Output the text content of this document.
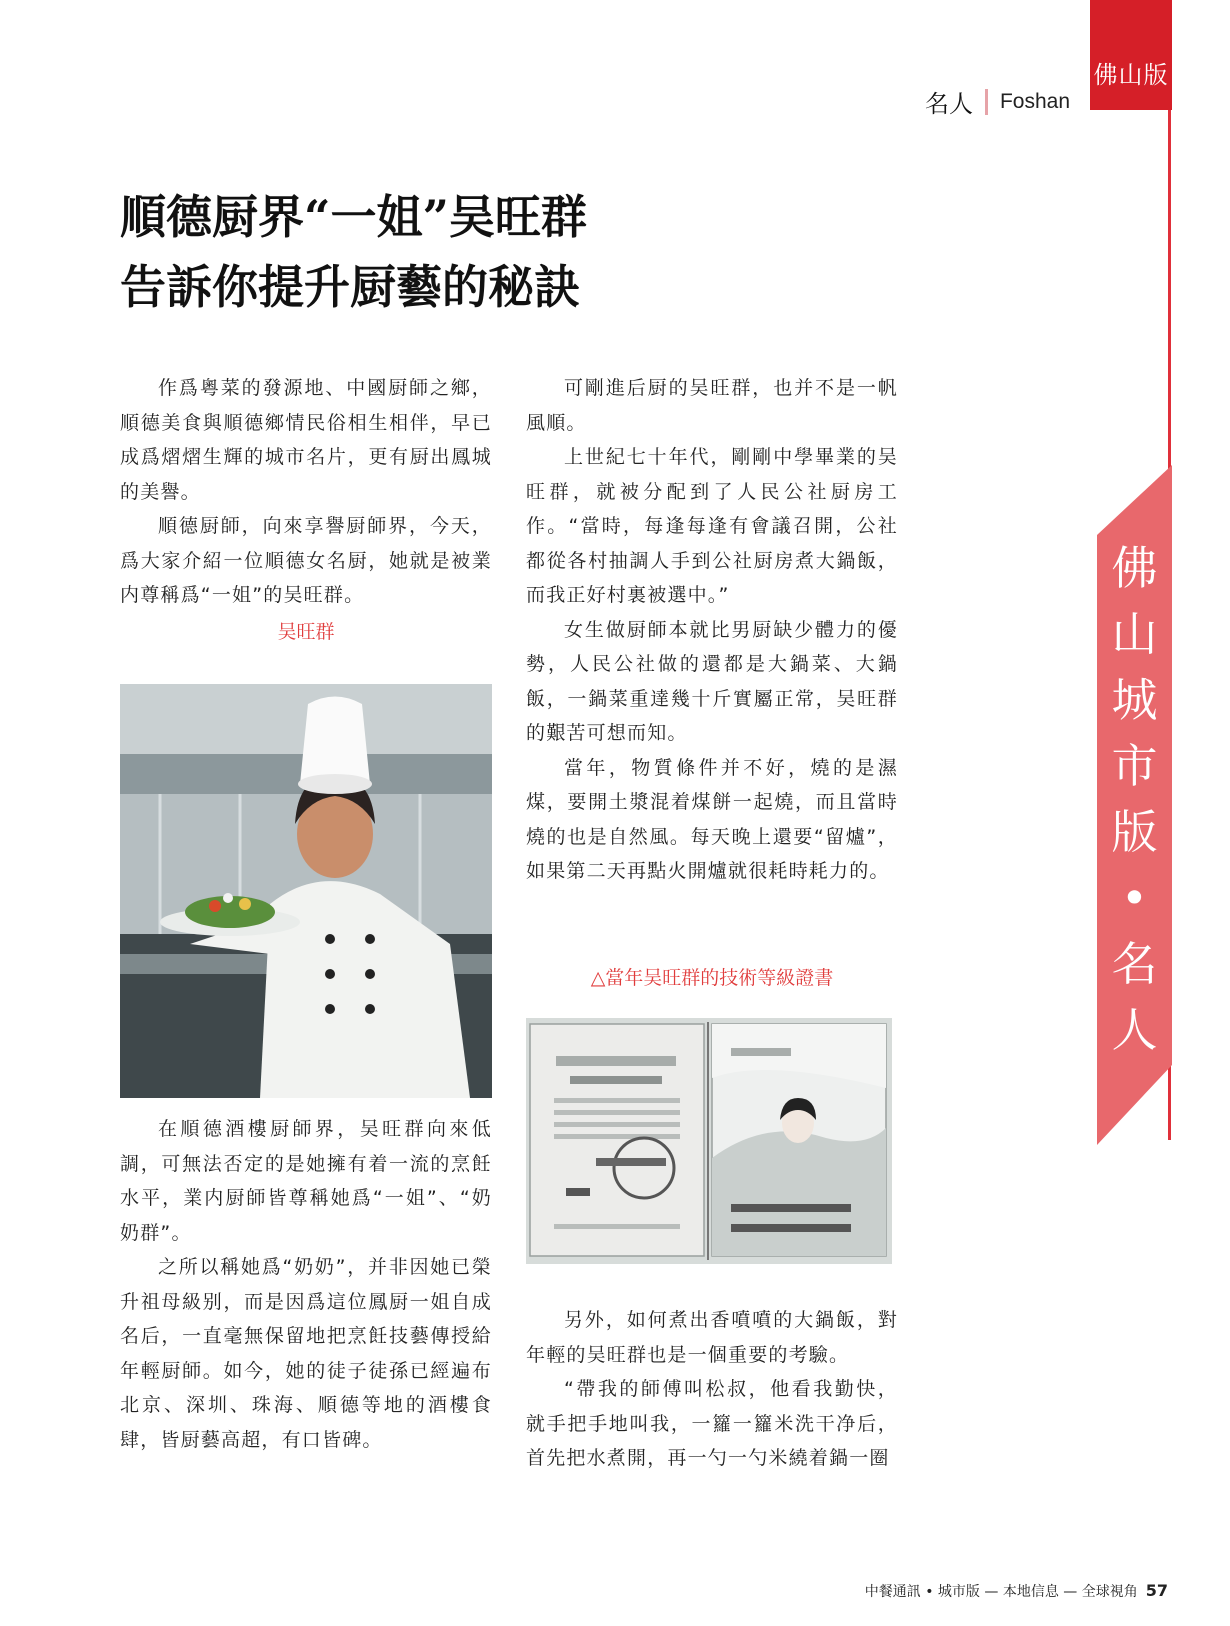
佛山版
名人 Foshan
順德厨界“一姐”吴旺群
告訴你提升厨藝的秘訣

作爲粵菜的發源地、中國厨師之鄉，順德美食與順德鄉情民俗相生相伴，早已成爲熠熠生輝的城市名片，更有厨出鳳城的美譽。

順德厨師，向來享譽厨師界，今天，爲大家介紹一位順德女名厨，她就是被業内尊稱爲“一姐”的吴旺群。

吴旺群

在順德酒樓厨師界，吴旺群向來低調，可無法否定的是她擁有着一流的烹飪水平，業内厨師皆尊稱她爲“一姐”、“奶奶群”。

之所以稱她爲“奶奶”，并非因她已榮升祖母級别，而是因爲這位鳳厨一姐自成名后，一直毫無保留地把烹飪技藝傳授給年輕厨師。如今，她的徒子徒孫已經遍布北京、深圳、珠海、順德等地的酒樓食肆，皆厨藝高超，有口皆碑。

可剛進后厨的吴旺群，也并不是一帆風順。

上世紀七十年代，剛剛中學畢業的吴旺群，就被分配到了人民公社厨房工作。“當時，每逢每逢有會議召開，公社都從各村抽調人手到公社厨房煮大鍋飯，而我正好村裏被選中。”

女生做厨師本就比男厨缺少體力的優勢，人民公社做的還都是大鍋菜、大鍋飯，一鍋菜重達幾十斤實屬正常，吴旺群的艱苦可想而知。

當年，物質條件并不好，燒的是濕煤，要開土漿混着煤餅一起燒，而且當時燒的也是自然風。每天晚上還要“留爐”，如果第二天再點火開爐就很耗時耗力的。

△當年吴旺群的技術等級證書

另外，如何煮出香噴噴的大鍋飯，對年輕的吴旺群也是一個重要的考驗。

“帶我的師傅叫松叔，他看我勤快，就手把手地叫我，一籮一籮米洗干净后，首先把水煮開，再一勺一勺米繞着鍋一圈

佛
山
城
市
版
•
名
人
中餐通訊 • 城市版 — 本地信息 — 全球視角 57
